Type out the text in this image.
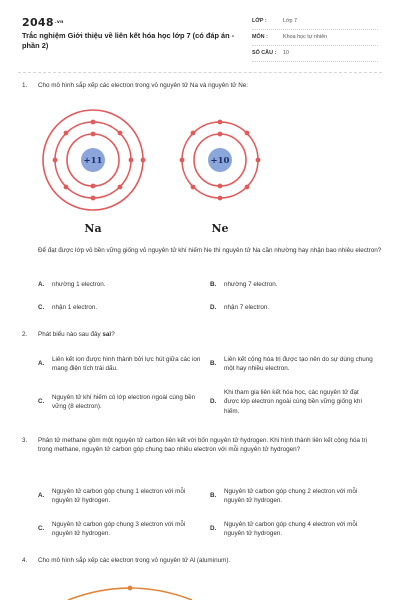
2048.vn
Trắc nghiệm Giới thiệu về liên kết hóa học lớp 7 (có đáp án - phần 2)
LỚP :	Lớp 7
MÔN :	Khoa học tự nhiên
SỐ CÂU :	10
1.	Cho mô hình sắp xếp các electron trong vỏ nguyên tử Na và nguyên tử Ne:
+11
Na
+10
Ne
Để đạt được lớp vỏ bền vững giống vỏ nguyên tử khí hiếm Ne thì nguyên tử Na cần nhường hay nhận bao nhiêu electron?
A.	nhường 1 electron.	B.	nhường 7 electron.
C.	nhận 1 electron.	D.	nhận 7 electron.
2.	Phát biểu nào sau đây sai?
A.
Liên kết ion được hình thành bởi lực hút giữa các ion mang điện tích trái dấu.
B.
Liên kết cộng hóa trị được tạo nên do sự dùng chung một hay nhiều electron.
C.
Nguyên tử khí hiếm có lớp electron ngoài cùng bền vững (8 electron).
D.
Khi tham gia liên kết hóa học, các nguyên tử đạt được lớp electron ngoài cùng bền vững giống khí hiếm.
3.	Phân tử methane gồm một nguyên tử carbon liên kết với bốn nguyên tử hydrogen. Khi hình thành liên kết cộng hóa trị trong methane, nguyên tử carbon góp chung bao nhiêu electron với mỗi nguyên tử hydrogen?
A.
Nguyên tử carbon góp chung 1 electron với mỗi nguyên tử hydrogen.
B.
Nguyên tử carbon góp chung 2 electron với mỗi nguyên tử hydrogen.
C.
Nguyên tử carbon góp chung 3 electron với mỗi nguyên tử hydrogen.
D.
Nguyên tử carbon góp chung 4 electron với mỗi nguyên tử hydrogen.
4.	Cho mô hình sắp xếp các electron trong vỏ nguyên tử Al (aluminum).
